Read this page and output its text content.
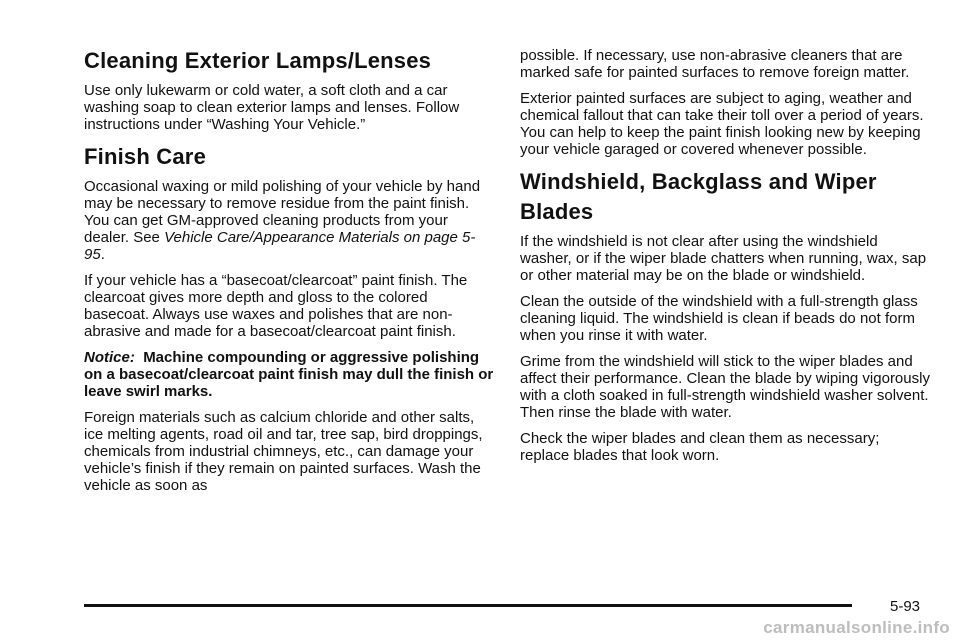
Cleaning Exterior Lamps/Lenses

Use only lukewarm or cold water, a soft cloth and a car washing soap to clean exterior lamps and lenses. Follow instructions under “Washing Your Vehicle.”

Finish Care

Occasional waxing or mild polishing of your vehicle by hand may be necessary to remove residue from the paint finish. You can get GM-approved cleaning products from your dealer. See Vehicle Care/Appearance Materials on page 5-95.

If your vehicle has a “basecoat/clearcoat” paint finish. The clearcoat gives more depth and gloss to the colored basecoat. Always use waxes and polishes that are non-abrasive and made for a basecoat/clearcoat paint finish.

Notice: Machine compounding or aggressive polishing on a basecoat/clearcoat paint finish may dull the finish or leave swirl marks.

Foreign materials such as calcium chloride and other salts, ice melting agents, road oil and tar, tree sap, bird droppings, chemicals from industrial chimneys, etc., can damage your vehicle’s finish if they remain on painted surfaces. Wash the vehicle as soon as

possible. If necessary, use non-abrasive cleaners that are marked safe for painted surfaces to remove foreign matter.

Exterior painted surfaces are subject to aging, weather and chemical fallout that can take their toll over a period of years. You can help to keep the paint finish looking new by keeping your vehicle garaged or covered whenever possible.

Windshield, Backglass and Wiper Blades

If the windshield is not clear after using the windshield washer, or if the wiper blade chatters when running, wax, sap or other material may be on the blade or windshield.

Clean the outside of the windshield with a full-strength glass cleaning liquid. The windshield is clean if beads do not form when you rinse it with water.

Grime from the windshield will stick to the wiper blades and affect their performance. Clean the blade by wiping vigorously with a cloth soaked in full-strength windshield washer solvent. Then rinse the blade with water.

Check the wiper blades and clean them as necessary; replace blades that look worn.

5-93
carmanualsonline.info
